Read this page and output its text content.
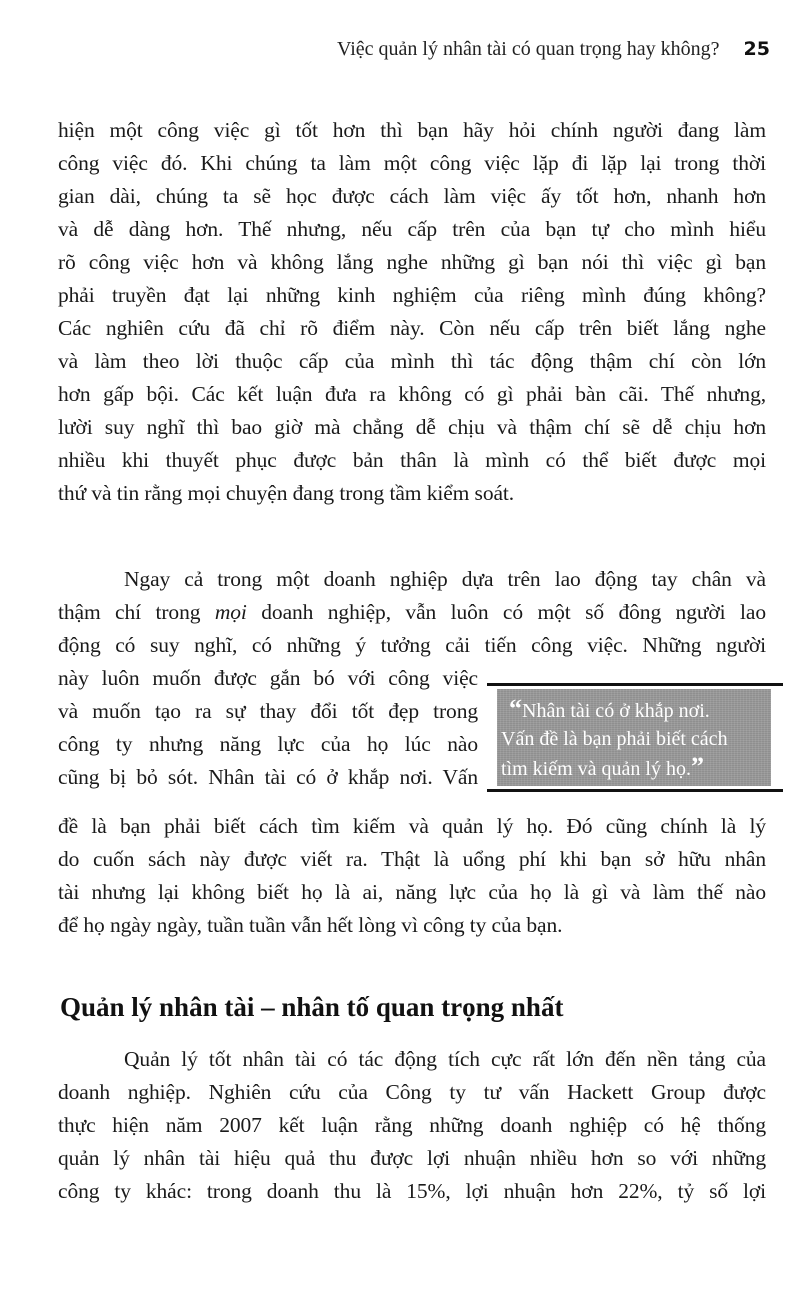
Việc quản lý nhân tài có quan trọng hay không? 25
hiện một công việc gì tốt hơn thì bạn hãy hỏi chính người đang làm
công việc đó. Khi chúng ta làm một công việc lặp đi lặp lại trong thời
gian dài, chúng ta sẽ học được cách làm việc ấy tốt hơn, nhanh hơn
và dễ dàng hơn. Thế nhưng, nếu cấp trên của bạn tự cho mình hiểu
rõ công việc hơn và không lắng nghe những gì bạn nói thì việc gì bạn
phải truyền đạt lại những kinh nghiệm của riêng mình đúng không?
Các nghiên cứu đã chỉ rõ điểm này. Còn nếu cấp trên biết lắng nghe
và làm theo lời thuộc cấp của mình thì tác động thậm chí còn lớn
hơn gấp bội. Các kết luận đưa ra không có gì phải bàn cãi. Thế nhưng,
lười suy nghĩ thì bao giờ mà chẳng dễ chịu và thậm chí sẽ dễ chịu hơn
nhiều khi thuyết phục được bản thân là mình có thể biết được mọi
thứ và tin rằng mọi chuyện đang trong tầm kiểm soát.
Ngay cả trong một doanh nghiệp dựa trên lao động tay chân và
thậm chí trong mọi doanh nghiệp, vẫn luôn có một số đông người lao
động có suy nghĩ, có những ý tưởng cải tiến công việc. Những người
này luôn muốn được gắn bó với công việc
và muốn tạo ra sự thay đổi tốt đẹp trong
công ty nhưng năng lực của họ lúc nào
cũng bị bỏ sót. Nhân tài có ở khắp nơi. Vấn
đề là bạn phải biết cách tìm kiếm và quản lý họ. Đó cũng chính là lý
do cuốn sách này được viết ra. Thật là uổng phí khi bạn sở hữu nhân
tài nhưng lại không biết họ là ai, năng lực của họ là gì và làm thế nào
để họ ngày ngày, tuần tuần vẫn hết lòng vì công ty của bạn.
“Nhân tài có ở khắp nơi.
Vấn đề là bạn phải biết cách
tìm kiếm và quản lý họ.”
Quản lý nhân tài – nhân tố quan trọng nhất
Quản lý tốt nhân tài có tác động tích cực rất lớn đến nền tảng của
doanh nghiệp. Nghiên cứu của Công ty tư vấn Hackett Group được
thực hiện năm 2007 kết luận rằng những doanh nghiệp có hệ thống
quản lý nhân tài hiệu quả thu được lợi nhuận nhiều hơn so với những
công ty khác: trong doanh thu là 15%, lợi nhuận hơn 22%, tỷ số lợi
